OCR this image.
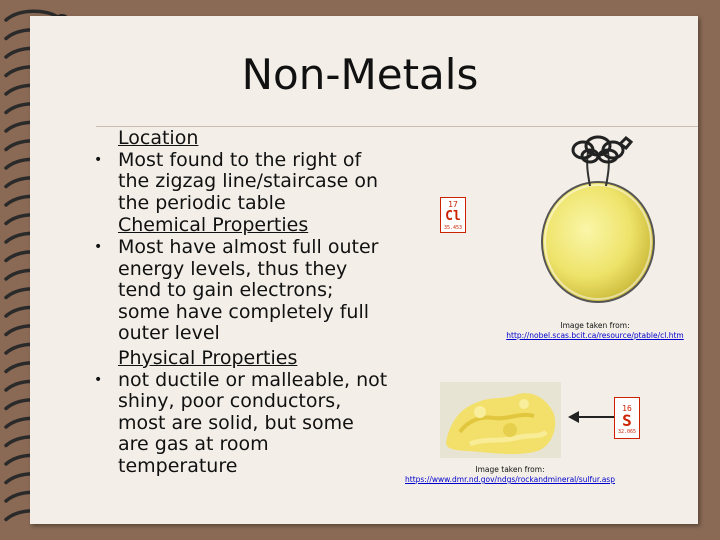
Non-Metals
Location
• Most found to the right of the zigzag line/staircase on the periodic table
Chemical Properties
• Most have almost full outer energy levels, thus they tend to gain electrons; some have completely full outer level
Physical Properties
• not ductile or malleable, not shiny, poor conductors, most are solid, but some are gas at room temperature
17
Cl
35.453
Image taken from:
http://nobel.scas.bcit.ca/resource/ptable/cl.htm
16
S
32.065
Image taken from:
https://www.dmr.nd.gov/ndgs/rockandmineral/sulfur.asp
